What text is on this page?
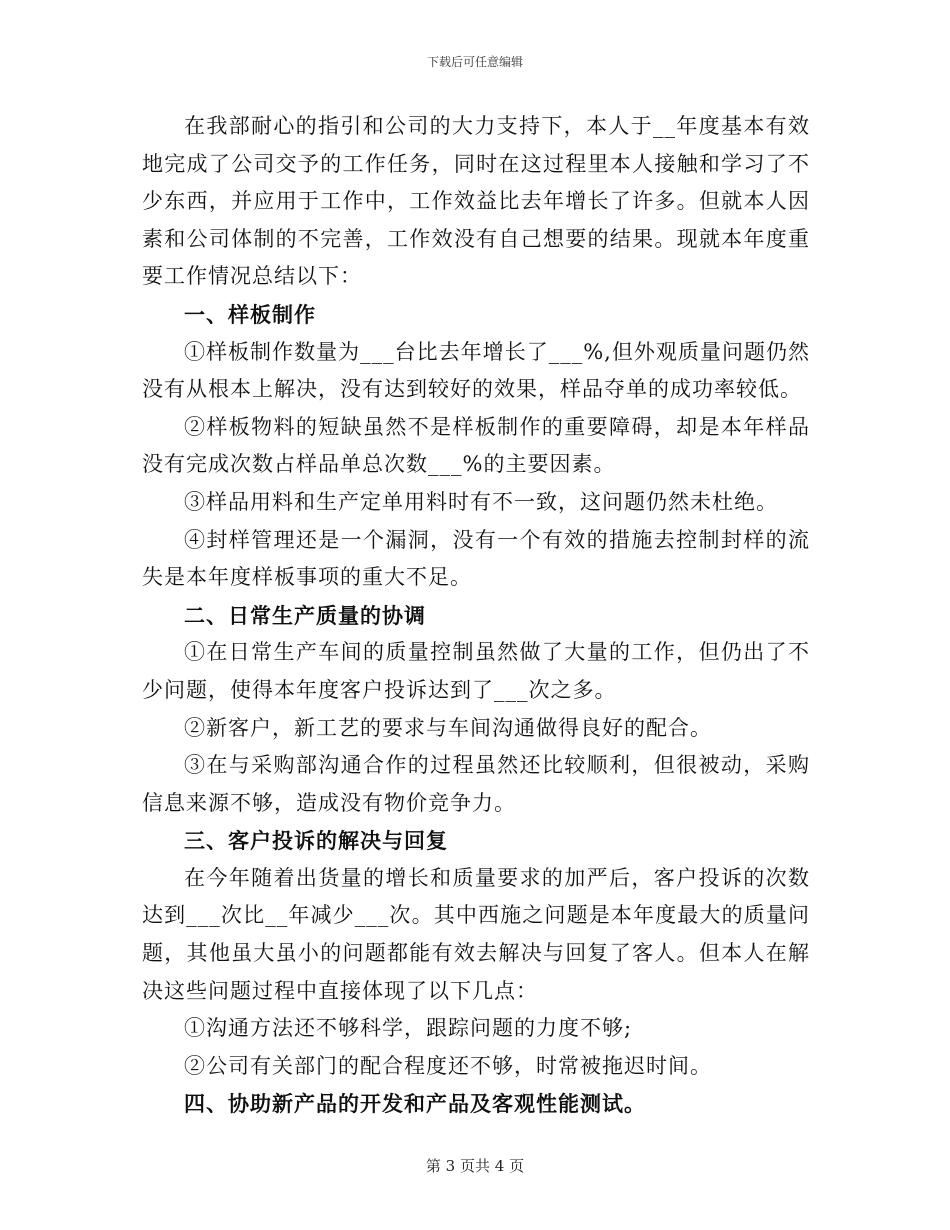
下载后可任意编辑

在我部耐心的指引和公司的大力支持下，本人于__年度基本有效地完成了公司交予的工作任务，同时在这过程里本人接触和学习了不少东西，并应用于工作中，工作效益比去年增长了许多。但就本人因素和公司体制的不完善，工作效没有自己想要的结果。现就本年度重要工作情况总结以下：

一、样板制作

①样板制作数量为___台比去年增长了___%,但外观质量问题仍然没有从根本上解决，没有达到较好的效果，样品夺单的成功率较低。

②样板物料的短缺虽然不是样板制作的重要障碍，却是本年样品没有完成次数占样品单总次数___%的主要因素。

③样品用料和生产定单用料时有不一致，这问题仍然未杜绝。

④封样管理还是一个漏洞，没有一个有效的措施去控制封样的流失是本年度样板事项的重大不足。

二、日常生产质量的协调

①在日常生产车间的质量控制虽然做了大量的工作，但仍出了不少问题，使得本年度客户投诉达到了___次之多。

②新客户，新工艺的要求与车间沟通做得良好的配合。

③在与采购部沟通合作的过程虽然还比较顺利，但很被动，采购信息来源不够，造成没有物价竞争力。

三、客户投诉的解决与回复

在今年随着出货量的增长和质量要求的加严后，客户投诉的次数达到___次比__年减少___次。其中西施之问题是本年度最大的质量问题，其他虽大虽小的问题都能有效去解决与回复了客人。但本人在解决这些问题过程中直接体现了以下几点：

①沟通方法还不够科学，跟踪问题的力度不够;

②公司有关部门的配合程度还不够，时常被拖迟时间。

四、协助新产品的开发和产品及客观性能测试。

第 3 页共 4 页
